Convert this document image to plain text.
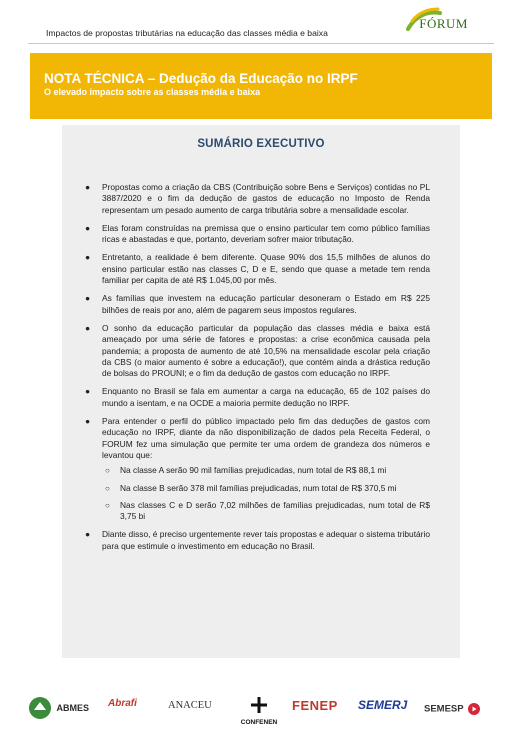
Impactos de propostas tributárias na educação das classes média e baixa
FÓRUM
NOTA TÉCNICA – Dedução da Educação no IRPF
O elevado impacto sobre as classes média e baixa
SUMÁRIO EXECUTIVO
● Propostas como a criação da CBS (Contribuição sobre Bens e Serviços) contidas no PL 3887/2020 e o fim da dedução de gastos de educação no Imposto de Renda representam um pesado aumento de carga tributária sobre a mensalidade escolar.
● Elas foram construídas na premissa que o ensino particular tem como público famílias ricas e abastadas e que, portanto, deveriam sofrer maior tributação.
● Entretanto, a realidade é bem diferente. Quase 90% dos 15,5 milhões de alunos do ensino particular estão nas classes C, D e E, sendo que quase a metade tem renda familiar per capita de até R$ 1.045,00 por mês.
● As famílias que investem na educação particular desoneram o Estado em R$ 225 bilhões de reais por ano, além de pagarem seus impostos regulares.
● O sonho da educação particular da população das classes média e baixa está ameaçado por uma série de fatores e propostas: a crise econômica causada pela pandemia; a proposta de aumento de até 10,5% na mensalidade escolar pela criação da CBS (o maior aumento é sobre a educação!), que contém ainda a drástica redução de bolsas do PROUNI; e o fim da dedução de gastos com educação no IRPF.
● Enquanto no Brasil se fala em aumentar a carga na educação, 65 de 102 países do mundo a isentam, e na OCDE a maioria permite dedução no IRPF.
● Para entender o perfil do público impactado pelo fim das deduções de gastos com educação no IRPF, diante da não disponibilização de dados pela Receita Federal, o FORUM fez uma simulação que permite ter uma ordem de grandeza dos números e levantou que:
○ Na classe A serão 90 mil famílias prejudicadas, num total de R$ 88,1 mi
○ Na classe B serão 378 mil famílias prejudicadas, num total de R$ 370,5 mi
○ Nas classes C e D serão 7,02 milhões de famílias prejudicadas, num total de R$ 3,75 bi
● Diante disso, é preciso urgentemente rever tais propostas e adequar o sistema tributário para que estimule o investimento em educação no Brasil.
ABMES Abrafi	ANACEU
CONFENEN
FENEP SEMERJ SEMESP
